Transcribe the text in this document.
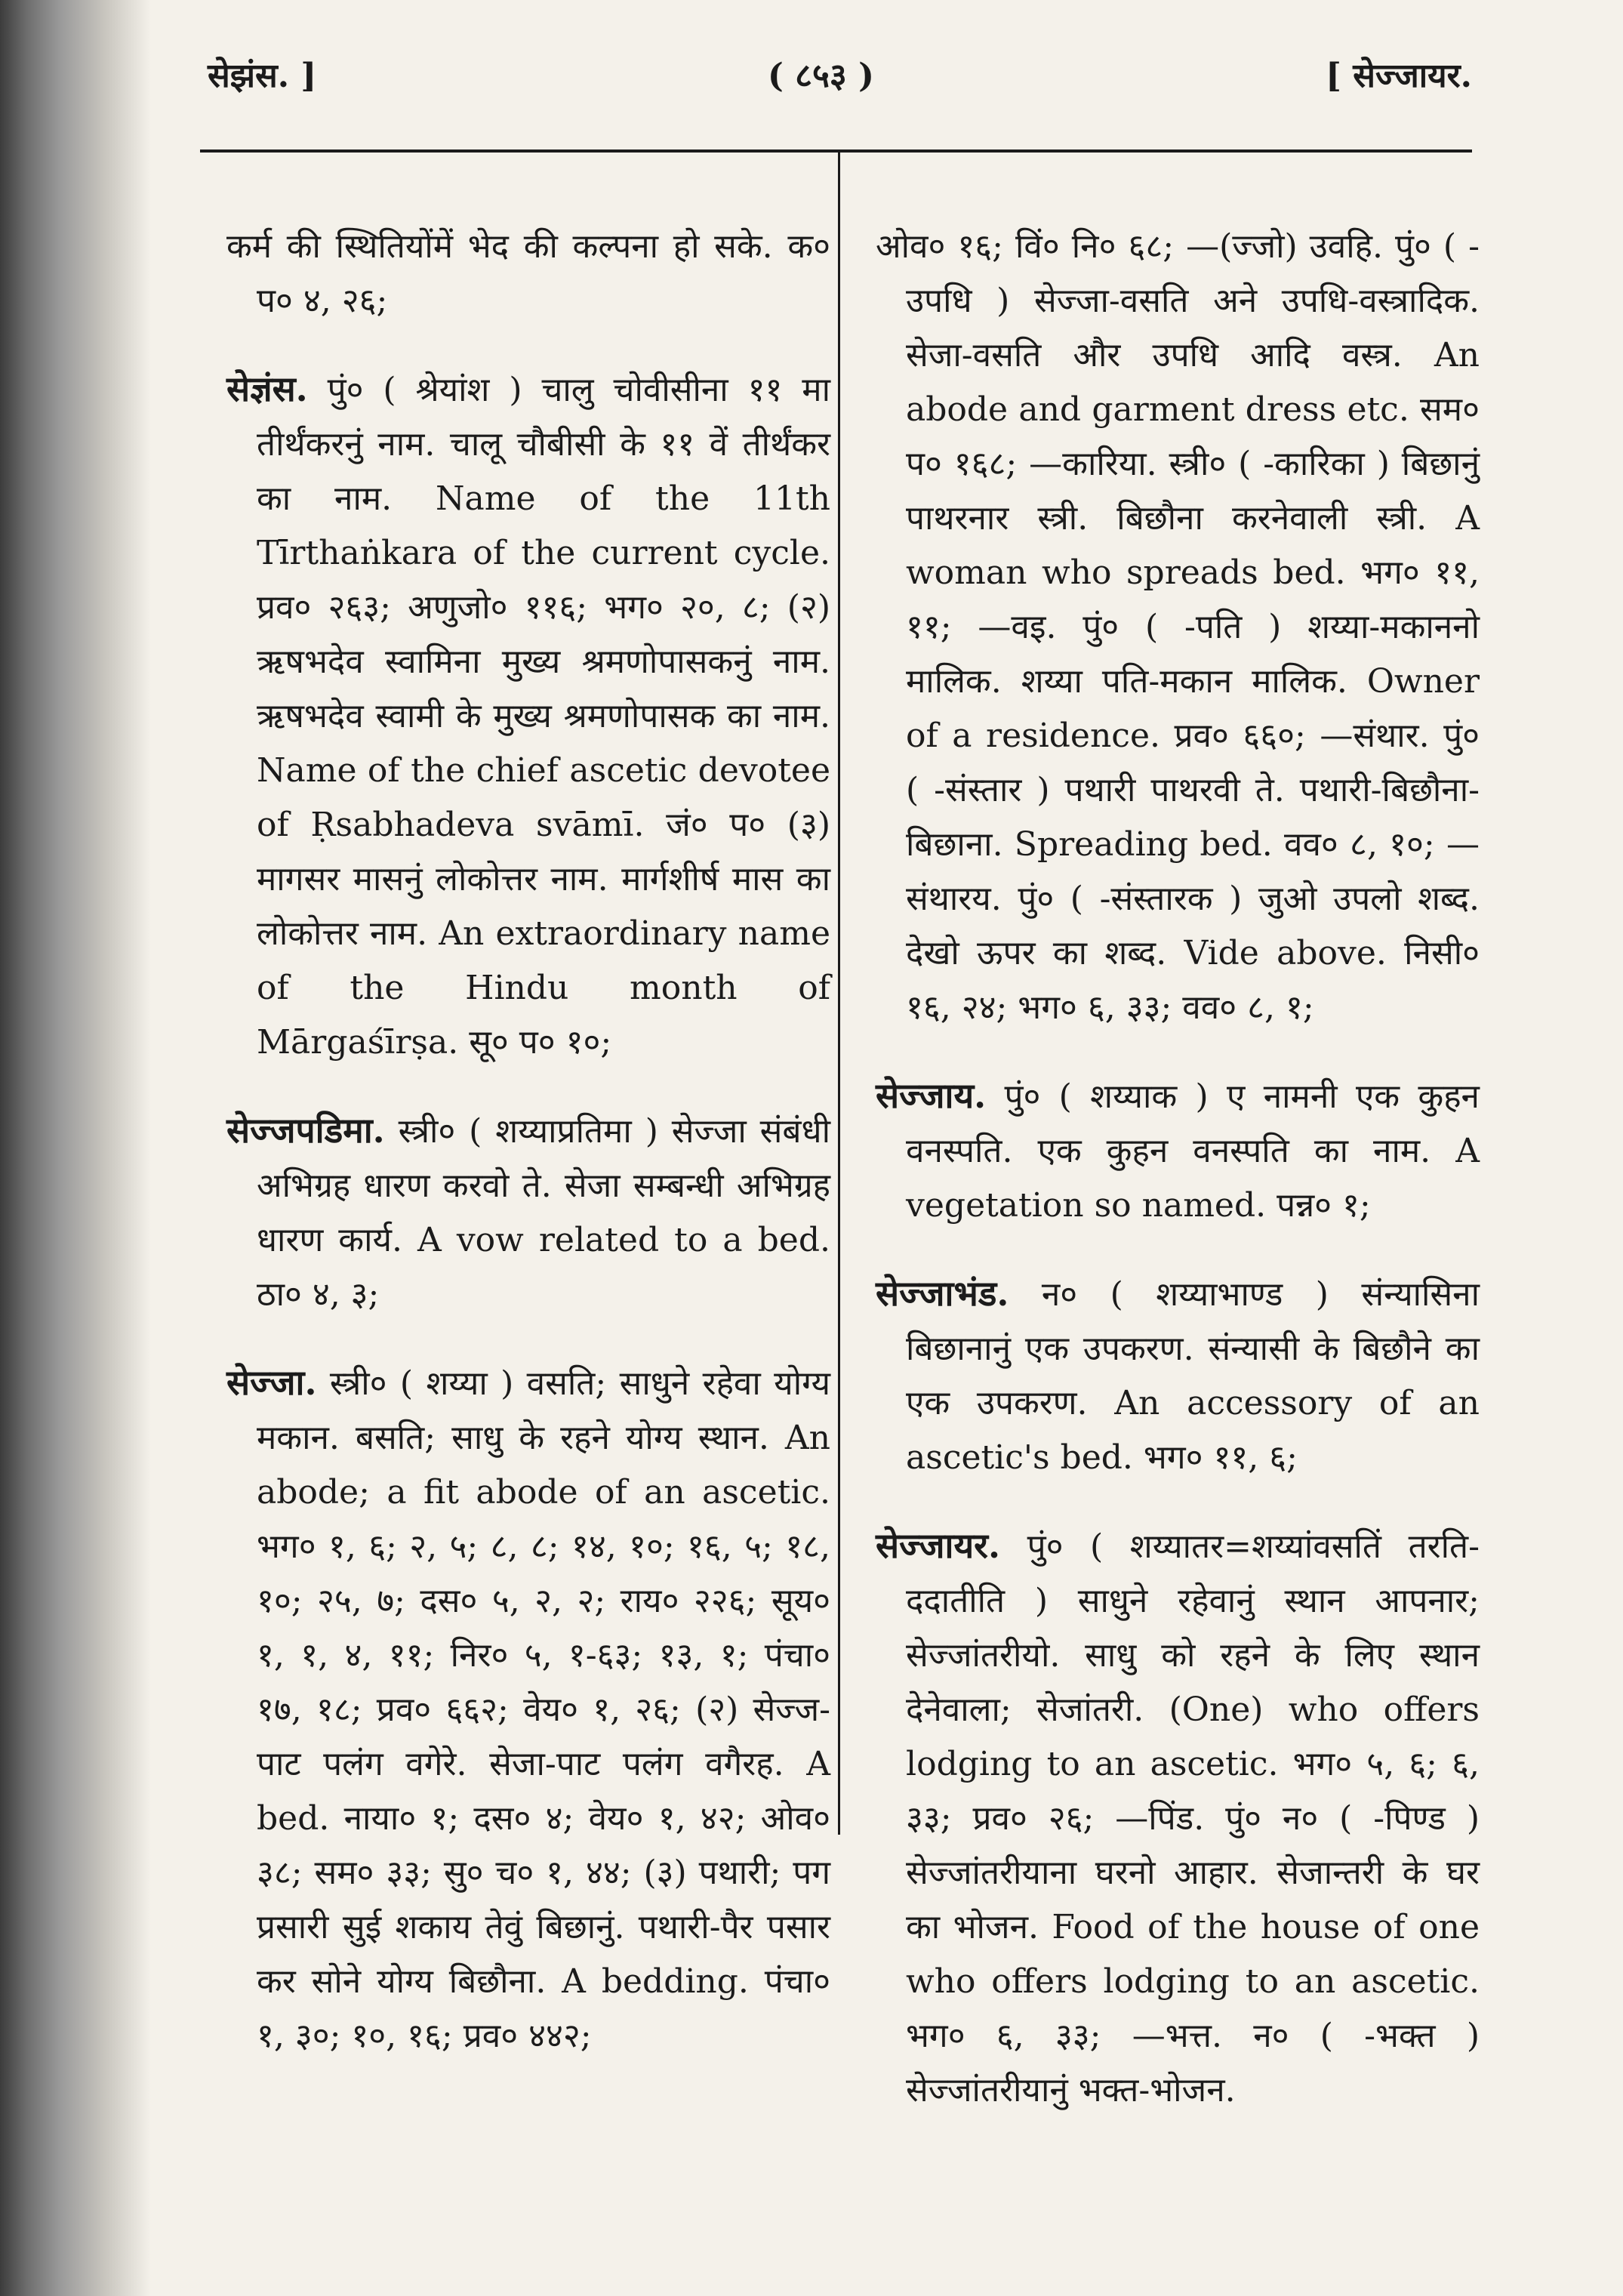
सेझंस. ]	( ८५३ )	[ सेज्जायर.

कर्म की स्थितियोंमें भेद की कल्पना हो सके. क० प० ४, २६;

सेज्ञंस. पुं० ( श्रेयांश ) चालु चोवीसीना ११ मा तीर्थंकरनुं नाम. चालू चौबीसी के ११ वें तीर्थंकर का नाम. Name of the 11th Tīrthaṅkara of the current cycle. प्रव० २६३; अणुजो० ११६; भग० २०, ८; (२) ऋषभदेव स्वामिना मुख्य श्रमणोपासकनुं नाम. ऋषभदेव स्वामी के मुख्य श्रमणोपासक का नाम. Name of the chief ascetic devotee of Ṛsabhadeva svāmī. जं० प० (३) मागसर मासनुं लोकोत्तर नाम. मार्गशीर्ष मास का लोकोत्तर नाम. An extraordinary name of the Hindu month of Mārgaśīrṣa. सू० प० १०;

सेज्जपडिमा. स्त्री० ( शय्याप्रतिमा ) सेज्जा संबंधी अभिग्रह धारण करवो ते. सेजा सम्बन्धी अभिग्रह धारण कार्य. A vow related to a bed. ठा० ४, ३;

सेज्जा. स्त्री० ( शय्या ) वसति; साधुने रहेवा योग्य मकान. बसति; साधु के रहने योग्य स्थान. An abode; a fit abode of an ascetic. भग० १, ६; २, ५; ८, ८; १४, १०; १६, ५; १८, १०; २५, ७; दस० ५, २, २; राय० २२६; सूय० १, १, ४, ११; निर० ५, १-६३; १३, १; पंचा० १७, १८; प्रव० ६६२; वेय० १, २६; (२) सेज्ज-पाट पलंग वगेरे. सेजा-पाट पलंग वगैरह. A bed. नाया० १; दस० ४; वेय० १, ४२; ओव० ३८; सम० ३३; सु० च० १, ४४; (३) पथारी; पग प्रसारी सुई शकाय तेवुं बिछानुं. पथारी-पैर पसार कर सोने योग्य बिछौना. A bedding. पंचा० १, ३०; १०, १६; प्रव० ४४२;

ओव० १६; विं० नि० ६८; —(ज्जो) उवहि. पुं० ( -उपधि ) सेज्जा-वसति अने उपधि-वस्त्रादिक. सेजा-वसति और उपधि आदि वस्त्र. An abode and garment dress etc. सम० प० १६८; —कारिया. स्त्री० ( -कारिका ) बिछानुं पाथरनार स्त्री. बिछौना करनेवाली स्त्री. A woman who spreads bed. भग० ११, ११; —वइ. पुं० ( -पति ) शय्या-मकाननो मालिक. शय्या पति-मकान मालिक. Owner of a residence. प्रव० ६६०; —संथार. पुं० ( -संस्तार ) पथारी पाथरवी ते. पथारी-बिछौना-बिछाना. Spreading bed. वव० ८, १०; —संथारय. पुं० ( -संस्तारक ) जुओ उपलो शब्द. देखो ऊपर का शब्द. Vide above. निसी० १६, २४; भग० ६, ३३; वव० ८, १;

सेज्जाय. पुं० ( शय्याक ) ए नामनी एक कुहन वनस्पति. एक कुहन वनस्पति का नाम. A vegetation so named. पन्न० १;

सेज्जाभंड. न० ( शय्याभाण्ड ) संन्यासिना बिछानानुं एक उपकरण. संन्यासी के बिछौने का एक उपकरण. An accessory of an ascetic's bed. भग० ११, ६;

सेज्जायर. पुं० ( शय्यातर=शय्यांवसतिं तरति-ददातीति ) साधुने रहेवानुं स्थान आपनार; सेज्जांतरीयो. साधु को रहने के लिए स्थान देनेवाला; सेजांतरी. (One) who offers lodging to an ascetic. भग० ५, ६; ६, ३३; प्रव० २६; —पिंड. पुं० न० ( -पिण्ड ) सेज्जांतरीयाना घरनो आहार. सेजान्तरी के घर का भोजन. Food of the house of one who offers lodging to an ascetic. भग० ६, ३३; —भत्त. न० ( -भक्त ) सेज्जांतरीयानुं भक्त-भोजन.
